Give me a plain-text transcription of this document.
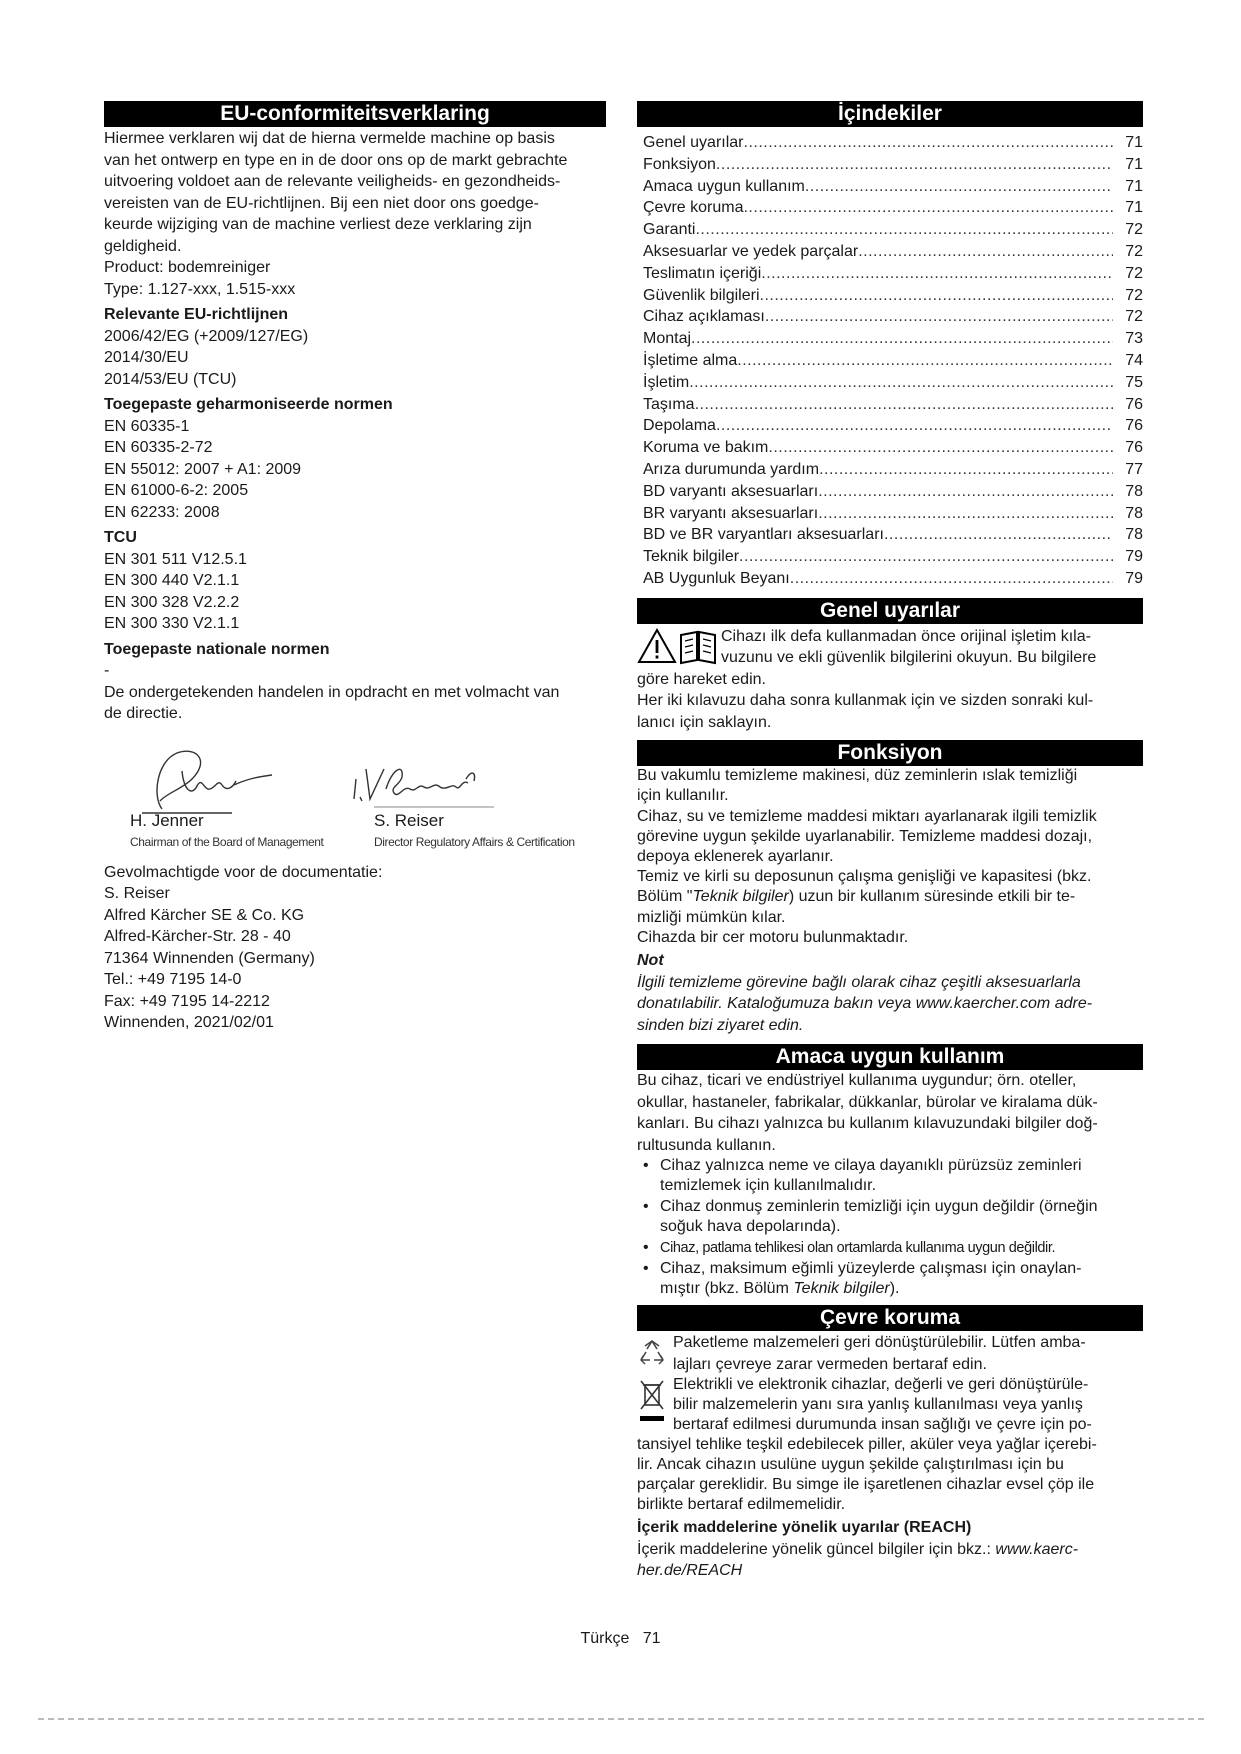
EU-conformiteitsverklaring
Hiermee verklaren wij dat de hierna vermelde machine op basis
van het ontwerp en type en in de door ons op de markt gebrachte
uitvoering voldoet aan de relevante veiligheids- en gezondheids-
vereisten van de EU-richtlijnen. Bij een niet door ons goedge-
keurde wijziging van de machine verliest deze verklaring zijn
geldigheid.
Product: bodemreiniger
Type: 1.127-xxx, 1.515-xxx
Relevante EU-richtlijnen
2006/42/EG (+2009/127/EG)
2014/30/EU
2014/53/EU (TCU)
Toegepaste geharmoniseerde normen
EN 60335-1
EN 60335-2-72
EN 55012: 2007 + A1: 2009
EN 61000-6-2: 2005
EN 62233: 2008
TCU
EN 301 511 V12.5.1
EN 300 440 V2.1.1
EN 300 328 V2.2.2
EN 300 330 V2.1.1
Toegepaste nationale normen
-
De ondergetekenden handelen in opdracht en met volmacht van
de directie.
H. Jenner
Chairman of the Board of Management
S. Reiser
Director Regulatory Affairs & Certification
Gevolmachtigde voor de documentatie:
S. Reiser
Alfred Kärcher SE & Co. KG
Alfred-Kärcher-Str. 28 - 40
71364 Winnenden (Germany)
Tel.: +49 7195 14-0
Fax: +49 7195 14-2212
Winnenden, 2021/02/01
İçindekiler
Genel uyarılar .....	71
Fonksiyon .....	71
Amaca uygun kullanım .....	71
Çevre koruma .....	71
Garanti .....	72
Aksesuarlar ve yedek parçalar .....	72
Teslimatın içeriği .....	72
Güvenlik bilgileri .....	72
Cihaz açıklaması .....	72
Montaj .....	73
İşletime alma .....	74
İşletim .....	75
Taşıma .....	76
Depolama .....	76
Koruma ve bakım .....	76
Arıza durumunda yardım .....	77
BD varyantı aksesuarları .....	78
BR varyantı aksesuarları .....	78
BD ve BR varyantları aksesuarları .....	78
Teknik bilgiler .....	79
AB Uygunluk Beyanı .....	79
Genel uyarılar
Cihazı ilk defa kullanmadan önce orijinal işletim kıla-
vuzunu ve ekli güvenlik bilgilerini okuyun. Bu bilgilere
göre hareket edin.
Her iki kılavuzu daha sonra kullanmak için ve sizden sonraki kul-
lanıcı için saklayın.
Fonksiyon
Bu vakumlu temizleme makinesi, düz zeminlerin ıslak temizliği
için kullanılır.
Cihaz, su ve temizleme maddesi miktarı ayarlanarak ilgili temizlik
görevine uygun şekilde uyarlanabilir. Temizleme maddesi dozajı,
depoya eklenerek ayarlanır.
Temiz ve kirli su deposunun çalışma genişliği ve kapasitesi (bkz.
Bölüm "Teknik bilgiler) uzun bir kullanım süresinde etkili bir te-
mizliği mümkün kılar.
Cihazda bir cer motoru bulunmaktadır.
Not
İlgili temizleme görevine bağlı olarak cihaz çeşitli aksesuarlarla
donatılabilir. Kataloğumuza bakın veya www.kaercher.com adre-
sinden bizi ziyaret edin.
Amaca uygun kullanım
Bu cihaz, ticari ve endüstriyel kullanıma uygundur; örn. oteller,
okullar, hastaneler, fabrikalar, dükkanlar, bürolar ve kiralama dük-
kanları. Bu cihazı yalnızca bu kullanım kılavuzundaki bilgiler doğ-
rultusunda kullanın.
• Cihaz yalnızca neme ve cilaya dayanıklı pürüzsüz zeminleri
temizlemek için kullanılmalıdır.
• Cihaz donmuş zeminlerin temizliği için uygun değildir (örneğin
soğuk hava depolarında).
• Cihaz, patlama tehlikesi olan ortamlarda kullanıma uygun değildir.
• Cihaz, maksimum eğimli yüzeylerde çalışması için onaylan-
mıştır (bkz. Bölüm Teknik bilgiler).
Çevre koruma
Paketleme malzemeleri geri dönüştürülebilir. Lütfen amba-
lajları çevreye zarar vermeden bertaraf edin.
Elektrikli ve elektronik cihazlar, değerli ve geri dönüştürüle-
bilir malzemelerin yanı sıra yanlış kullanılması veya yanlış
bertaraf edilmesi durumunda insan sağlığı ve çevre için po-
tansiyel tehlike teşkil edebilecek piller, aküler veya yağlar içerebi-
lir. Ancak cihazın usulüne uygun şekilde çalıştırılması için bu
parçalar gereklidir. Bu simge ile işaretlenen cihazlar evsel çöp ile
birlikte bertaraf edilmemelidir.
İçerik maddelerine yönelik uyarılar (REACH)
İçerik maddelerine yönelik güncel bilgiler için bkz.: www.kaerc-
her.de/REACH
Türkçe   71
